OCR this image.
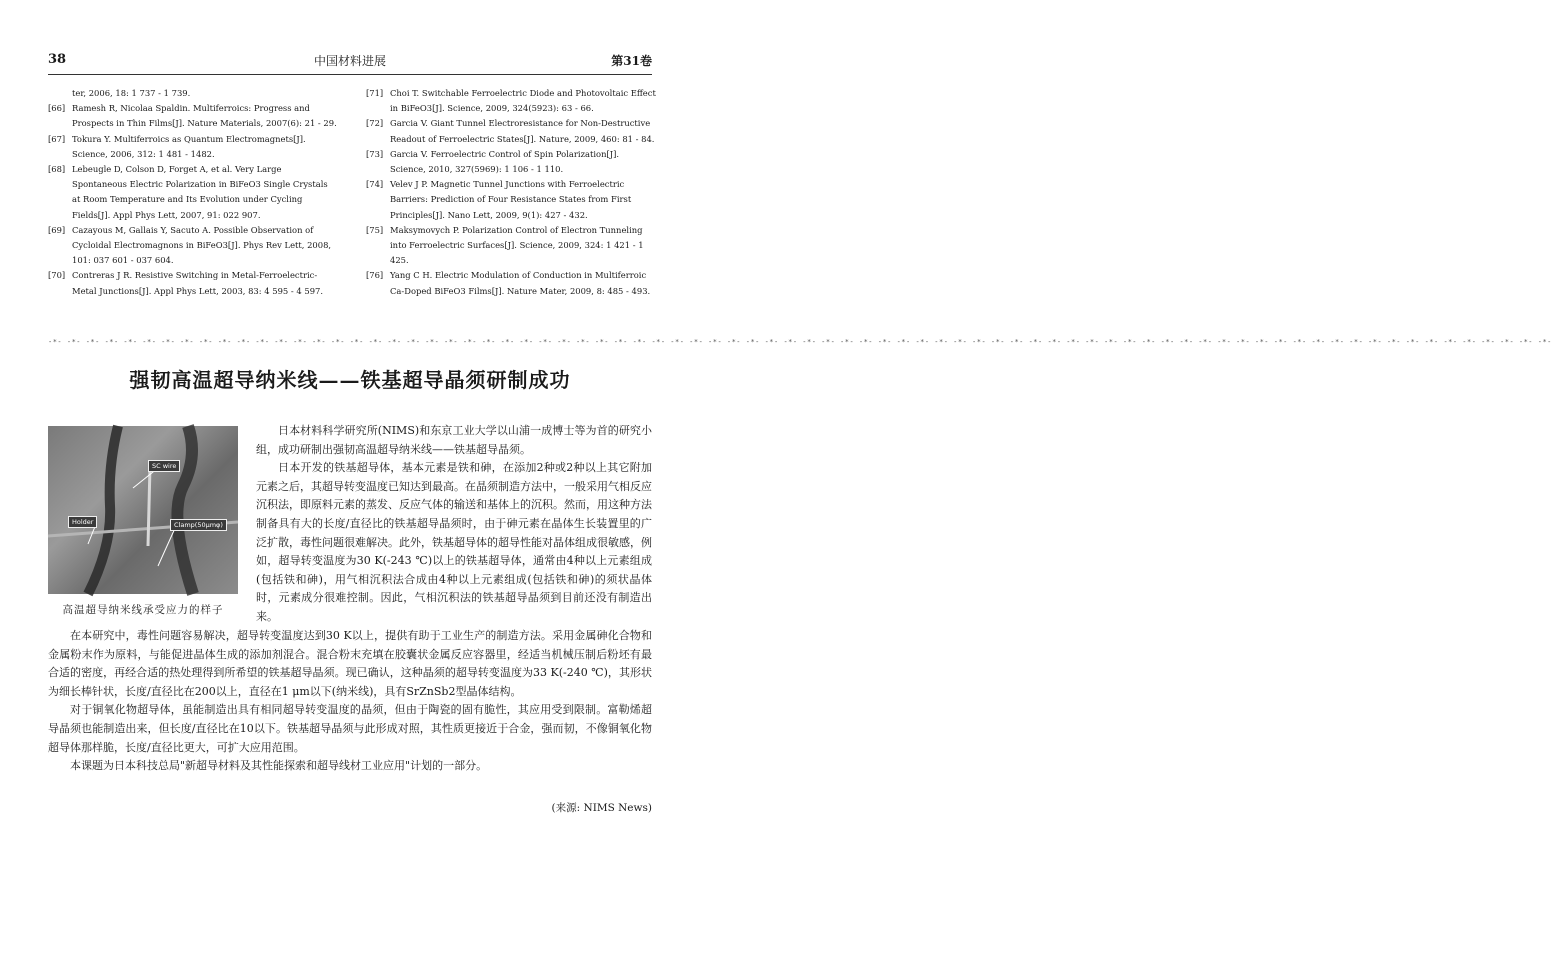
38	中国材料进展	第31卷

ter, 2006, 18: 1 737 - 1 739.

[66] Ramesh R, Nicolaa Spaldin. Multiferroics: Progress and Prospects in Thin Films[J]. Nature Materials, 2007(6): 21 - 29.

[67] Tokura Y. Multiferroics as Quantum Electromagnets[J]. Science, 2006, 312: 1 481 - 1482.

[68] Lebeugle D, Colson D, Forget A, et al. Very Large Spontaneous Electric Polarization in BiFeO3 Single Crystals at Room Temperature and Its Evolution under Cycling Fields[J]. Appl Phys Lett, 2007, 91: 022 907.

[69] Cazayous M, Gallais Y, Sacuto A. Possible Observation of Cycloidal Electromagnons in BiFeO3[J]. Phys Rev Lett, 2008, 101: 037 601 - 037 604.

[70] Contreras J R. Resistive Switching in Metal-Ferroelectric-Metal Junctions[J]. Appl Phys Lett, 2003, 83: 4 595 - 4 597.

[71] Choi T. Switchable Ferroelectric Diode and Photovoltaic Effect in BiFeO3[J]. Science, 2009, 324(5923): 63 - 66.

[72] Garcia V. Giant Tunnel Electroresistance for Non-Destructive Readout of Ferroelectric States[J]. Nature, 2009, 460: 81 - 84.

[73] Garcia V. Ferroelectric Control of Spin Polarization[J]. Science, 2010, 327(5969): 1 106 - 1 110.

[74] Velev J P. Magnetic Tunnel Junctions with Ferroelectric Barriers: Prediction of Four Resistance States from First Principles[J]. Nano Lett, 2009, 9(1): 427 - 432.

[75] Maksymovych P. Polarization Control of Electron Tunneling into Ferroelectric Surfaces[J]. Science, 2009, 324: 1 421 - 1 425.

[76] Yang C H. Electric Modulation of Conduction in Multiferroic Ca-Doped BiFeO3 Films[J]. Nature Mater, 2009, 8: 485 - 493.

-*- -*- -*- -*- -*- -*- -*- -*- -*- -*- -*- -*- -*- -*- -*- -*- -*- -*- -*- -*- -*- -*- -*- -*- -*- -*- -*- -*- -*- -*- -*- -*- -*- -*- -*- -*- -*- -*- -*- -*- -*- -*- -*- -*- -*- -*- -*- -*- -*- -*- -*- -*- -*- -*- -*- -*- -*- -*- -*- -*- -*- -*- -*- -*- -*- -*- -*- -*- -*- -*- -*- -*- -*- -*- -*- -*- -*- -*- -*- -*-
强韧高温超导纳米线——铁基超导晶须研制成功
SC wire
Holder	Clamp(50μmφ)
高温超导纳米线承受应力的样子

日本材料科学研究所(NIMS)和东京工业大学以山浦一成博士等为首的研究小组，成功研制出强韧高温超导纳米线——铁基超导晶须。

日本开发的铁基超导体，基本元素是铁和砷，在添加2种或2种以上其它附加元素之后，其超导转变温度已知达到最高。在晶须制造方法中，一般采用气相反应沉积法，即原料元素的蒸发、反应气体的输送和基体上的沉积。然而，用这种方法制备具有大的长度/直径比的铁基超导晶须时，由于砷元素在晶体生长装置里的广泛扩散，毒性问题很难解决。此外，铁基超导体的超导性能对晶体组成很敏感，例如，超导转变温度为30 K(-243 ℃)以上的铁基超导体，通常由4种以上元素组成(包括铁和砷)，用气相沉积法合成由4种以上元素组成(包括铁和砷)的须状晶体时，元素成分很难控制。因此，气相沉积法的铁基超导晶须到目前还没有制造出来。

在本研究中，毒性问题容易解决，超导转变温度达到30 K以上，提供有助于工业生产的制造方法。采用金属砷化合物和金属粉末作为原料，与能促进晶体生成的添加剂混合。混合粉末充填在胶囊状金属反应容器里，经适当机械压制后粉坯有最合适的密度，再经合适的热处理得到所希望的铁基超导晶须。现已确认，这种晶须的超导转变温度为33 K(-240 ℃)，其形状为细长棒针状，长度/直径比在200以上，直径在1 μm以下(纳米线)，具有SrZnSb2型晶体结构。

对于铜氧化物超导体，虽能制造出具有相同超导转变温度的晶须，但由于陶瓷的固有脆性，其应用受到限制。富勒烯超导晶须也能制造出来，但长度/直径比在10以下。铁基超导晶须与此形成对照，其性质更接近于合金，强而韧，不像铜氧化物超导体那样脆，长度/直径比更大，可扩大应用范围。

本课题为日本科技总局"新超导材料及其性能探索和超导线材工业应用"计划的一部分。

(来源: NIMS News)
